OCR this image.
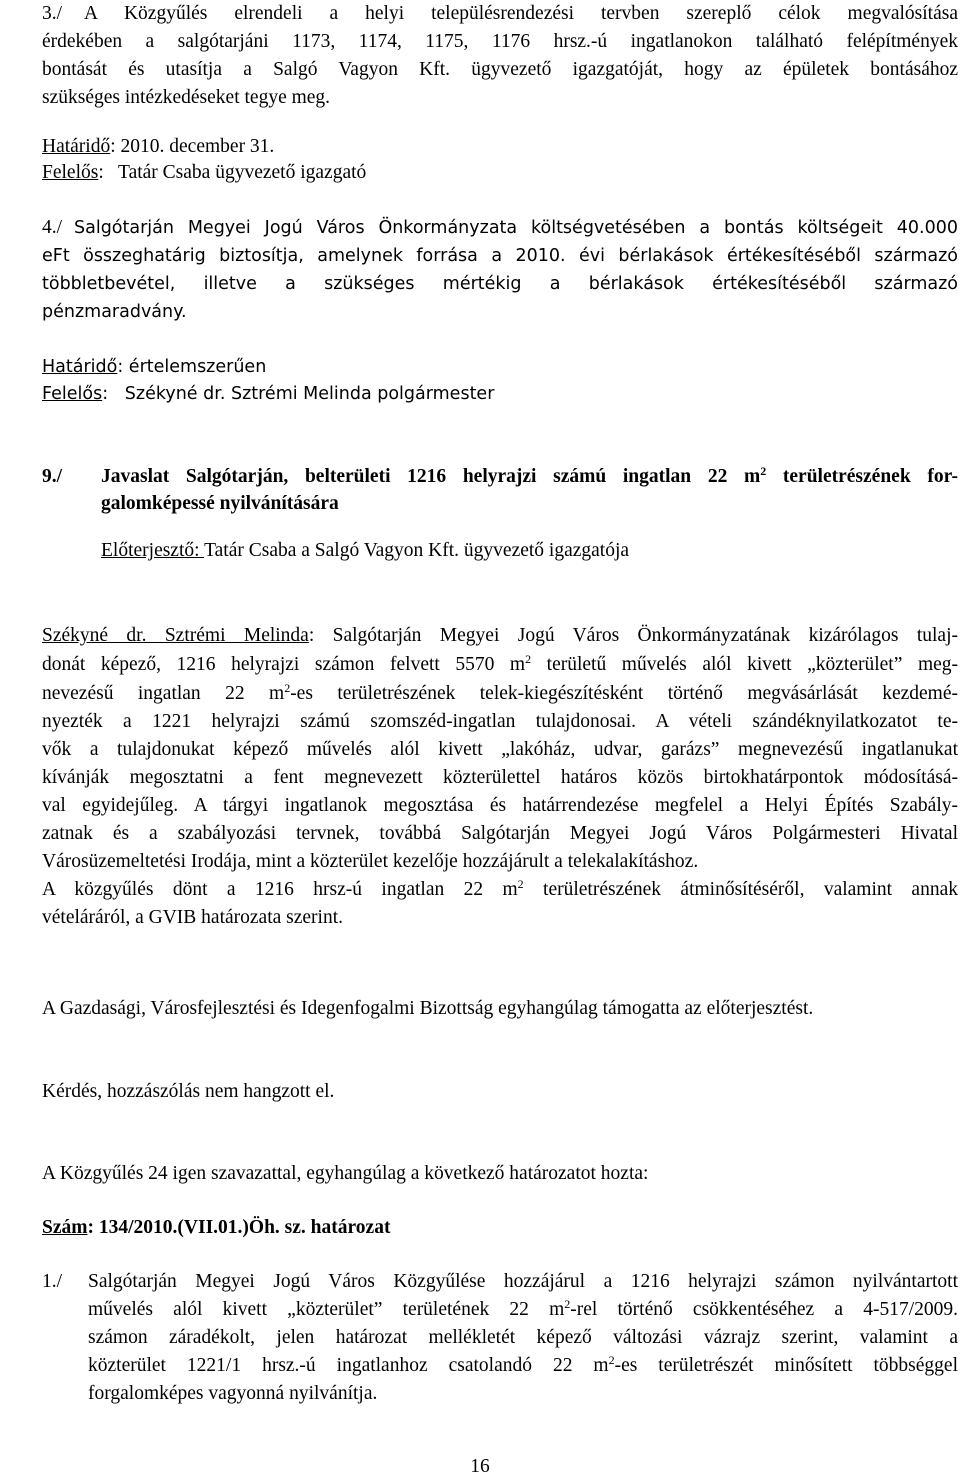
3./	A Közgyűlés elrendeli a helyi településrendezési tervben szereplő célok megvalósítása
érdekében a salgótarjáni 1173, 1174, 1175, 1176 hrsz.-ú ingatlanokon található felépítmények
bontását és utasítja a Salgó Vagyon Kft. ügyvezető igazgatóját, hogy az épületek bontásához
szükséges intézkedéseket tegye meg.
Határidő: 2010. december 31.
Felelős:   Tatár Csaba ügyvezető igazgató
4./ Salgótarján Megyei Jogú Város Önkormányzata költségvetésében a bontás költségeit 40.000
eFt összeghatárig biztosítja, amelynek forrása a 2010. évi bérlakások értékesítéséből származó
többletbevétel, illetve a szükséges mértékig a bérlakások értékesítéséből származó
pénzmaradvány.
Határidő: értelemszerűen
Felelős:   Székyné dr. Sztrémi Melinda polgármester
9./	Javaslat Salgótarján, belterületi 1216 helyrajzi számú ingatlan 22 $m^2$ területrészének for-
galomképessé nyilvánítására
Előterjesztő: Tatár Csaba a Salgó Vagyon Kft. ügyvezető igazgatója
Székyné dr. Sztrémi Melinda: Salgótarján Megyei Jogú Város Önkormányzatának kizárólagos tulaj-
donát képező, 1216 helyrajzi számon felvett 5570 $m^2$ területű művelés alól kivett „közterület” meg-
nevezésű ingatlan 22 $m^2-es$ területrészének telek-kiegészítésként történő megvásárlását kezdemé-
nyezték a 1221 helyrajzi számú szomszéd-ingatlan tulajdonosai. A vételi szándéknyilatkozatot te-
vők a tulajdonukat képező művelés alól kivett „lakóház, udvar, garázs” megnevezésű ingatlanukat
kívánják megosztatni a fent megnevezett közterülettel határos közös birtokhatárpontok módosításá-
val egyidejűleg. A tárgyi ingatlanok megosztása és határrendezése megfelel a Helyi Építés Szabály-
zatnak és a szabályozási tervnek, továbbá Salgótarján Megyei Jogú Város Polgármesteri Hivatal
Városüzemeltetési Irodája, mint a közterület kezelője hozzájárult a telekalakításhoz.
A közgyűlés dönt a 1216 hrsz-ú ingatlan 22 $m^2$ területrészének átminősítéséről, valamint annak
vételáráról, a GVIB határozata szerint.
A Gazdasági, Városfejlesztési és Idegenfogalmi Bizottság egyhangúlag támogatta az előterjesztést.
Kérdés, hozzászólás nem hangzott el.
A Közgyűlés 24 igen szavazattal, egyhangúlag a következő határozatot hozta:
Szám: 134/2010.(VII.01.)Öh. sz. határozat
1./	Salgótarján Megyei Jogú Város Közgyűlése hozzájárul a 1216 helyrajzi számon nyilvántartott
művelés alól kivett „közterület” területének 22 $m^2$-rel történő csökkentéséhez a 4-517/2009.
számon záradékolt, jelen határozat mellékletét képező változási vázrajz szerint, valamint a
közterület 1221/1 hrsz.-ú ingatlanhoz csatolandó 22 $m^2-es$ területrészét minősített többséggel
forgalomképes vagyonná nyilvánítja.
16
